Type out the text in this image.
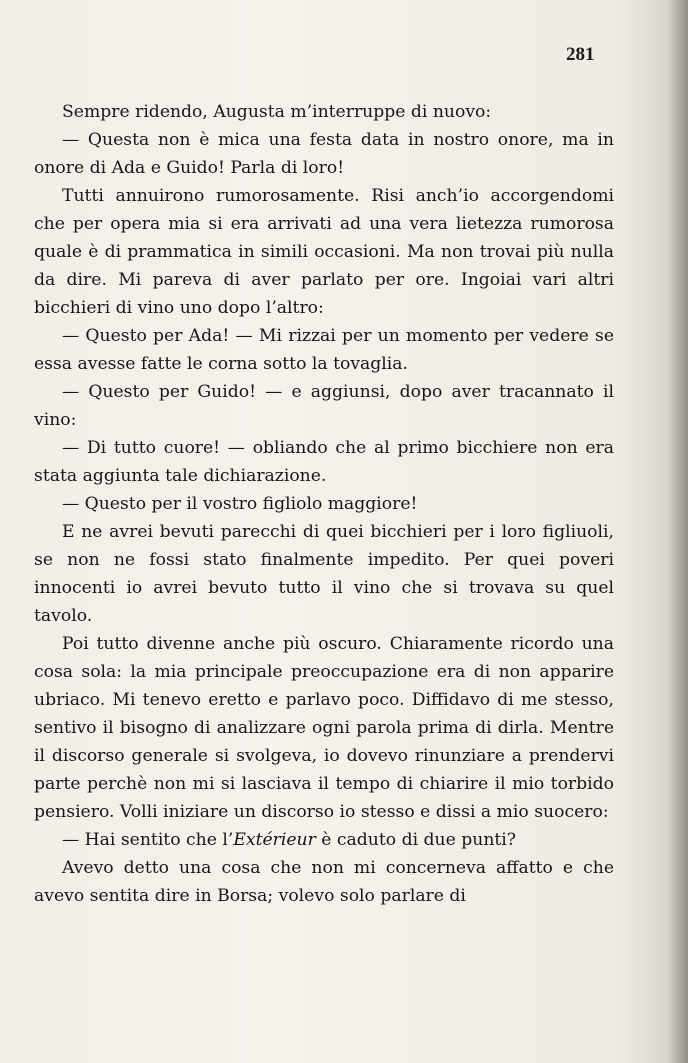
281

Sempre ridendo, Augusta m’interruppe di nuovo:

— Questa non è mica una festa data in nostro onore, ma in onore di Ada e Guido! Parla di loro!

Tutti annuirono rumorosamente. Risi anch’io accorgendomi che per opera mia si era arrivati ad una vera lietezza rumorosa quale è di prammatica in simili occasioni. Ma non trovai più nulla da dire. Mi pareva di aver parlato per ore. Ingoiai vari altri bicchieri di vino uno dopo l’altro:

— Questo per Ada! — Mi rizzai per un momento per vedere se essa avesse fatte le corna sotto la tovaglia.

— Questo per Guido! — e aggiunsi, dopo aver tracannato il vino:

— Di tutto cuore! — obliando che al primo bicchiere non era stata aggiunta tale dichiarazione.

— Questo per il vostro figliolo maggiore!

E ne avrei bevuti parecchi di quei bicchieri per i loro figliuoli, se non ne fossi stato finalmente impedito. Per quei poveri innocenti io avrei bevuto tutto il vino che si trovava su quel tavolo.

Poi tutto divenne anche più oscuro. Chiaramente ricordo una cosa sola: la mia principale preoccupazione era di non apparire ubriaco. Mi tenevo eretto e parlavo poco. Diffidavo di me stesso, sentivo il bisogno di analizzare ogni parola prima di dirla. Mentre il discorso generale si svolgeva, io dovevo rinunziare a prendervi parte perchè non mi si lasciava il tempo di chiarire il mio torbido pensiero. Volli iniziare un discorso io stesso e dissi a mio suocero:

— Hai sentito che l’Extérieur è caduto di due punti?

Avevo detto una cosa che non mi concerneva affatto e che avevo sentita dire in Borsa; volevo solo parlare di
